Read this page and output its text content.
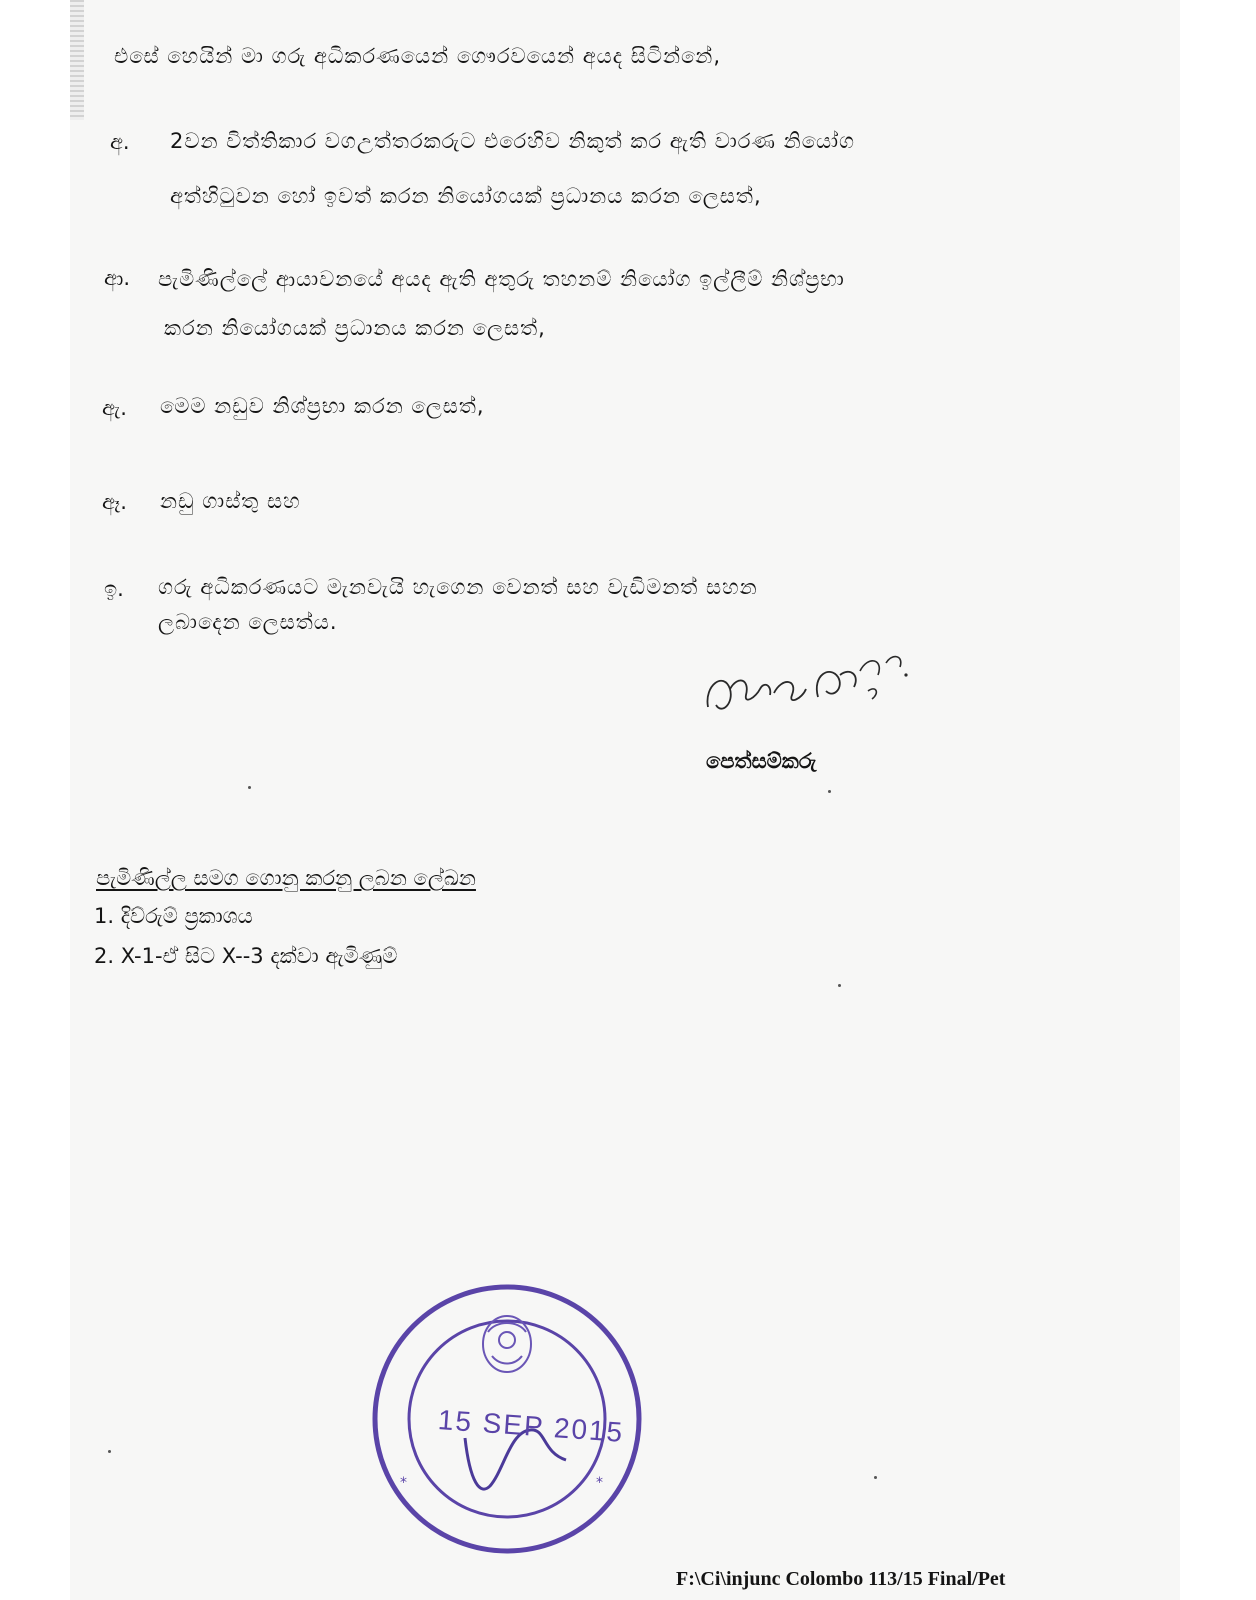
එසේ හෙයින් මා ගරු අධිකරණයෙන් ගෞරවයෙන් අයද සිටින්නේ,
අ. 2වන විත්තිකාර වගඋත්තරකරුට එරෙහිව නිකුත් කර ඇති වාරණ නියෝග
අත්හිටුවන හෝ ඉවත් කරන නියෝගයක් ප්‍රධානය කරන ලෙසත්,
ආ. පැමිණිල්ලේ ආයාවනයේ අයද ඇති අතුරු තහනම් නියෝග ඉල්ලීම් නිශ්ප්‍රභා
කරන නියෝගයක් ප්‍රධානය කරන ලෙසත්,
ඇ. මෙම නඩුව නිශ්ප්‍රභා කරන ලෙසත්,
ඈ. නඩු ගාස්තු සහ
ඉ. ගරු අධිකරණයට මැනවැයි හැගෙන වෙනත් සහ වැඩිමනත් සහන
ලබාදෙන ලෙසත්ය.
පෙත්සම්කරු
පැමිණිල්ල සමග ගොනු කරනු ලබන ලේඛන
1. දිව්රුම් ප්‍රකාශය
2. X-1-ඒ සිට X--3 දක්වා ඇමිණුම්
*	*
15 SEP 2015
F:\Ci\injunc Colombo 113/15 Final/Pet
